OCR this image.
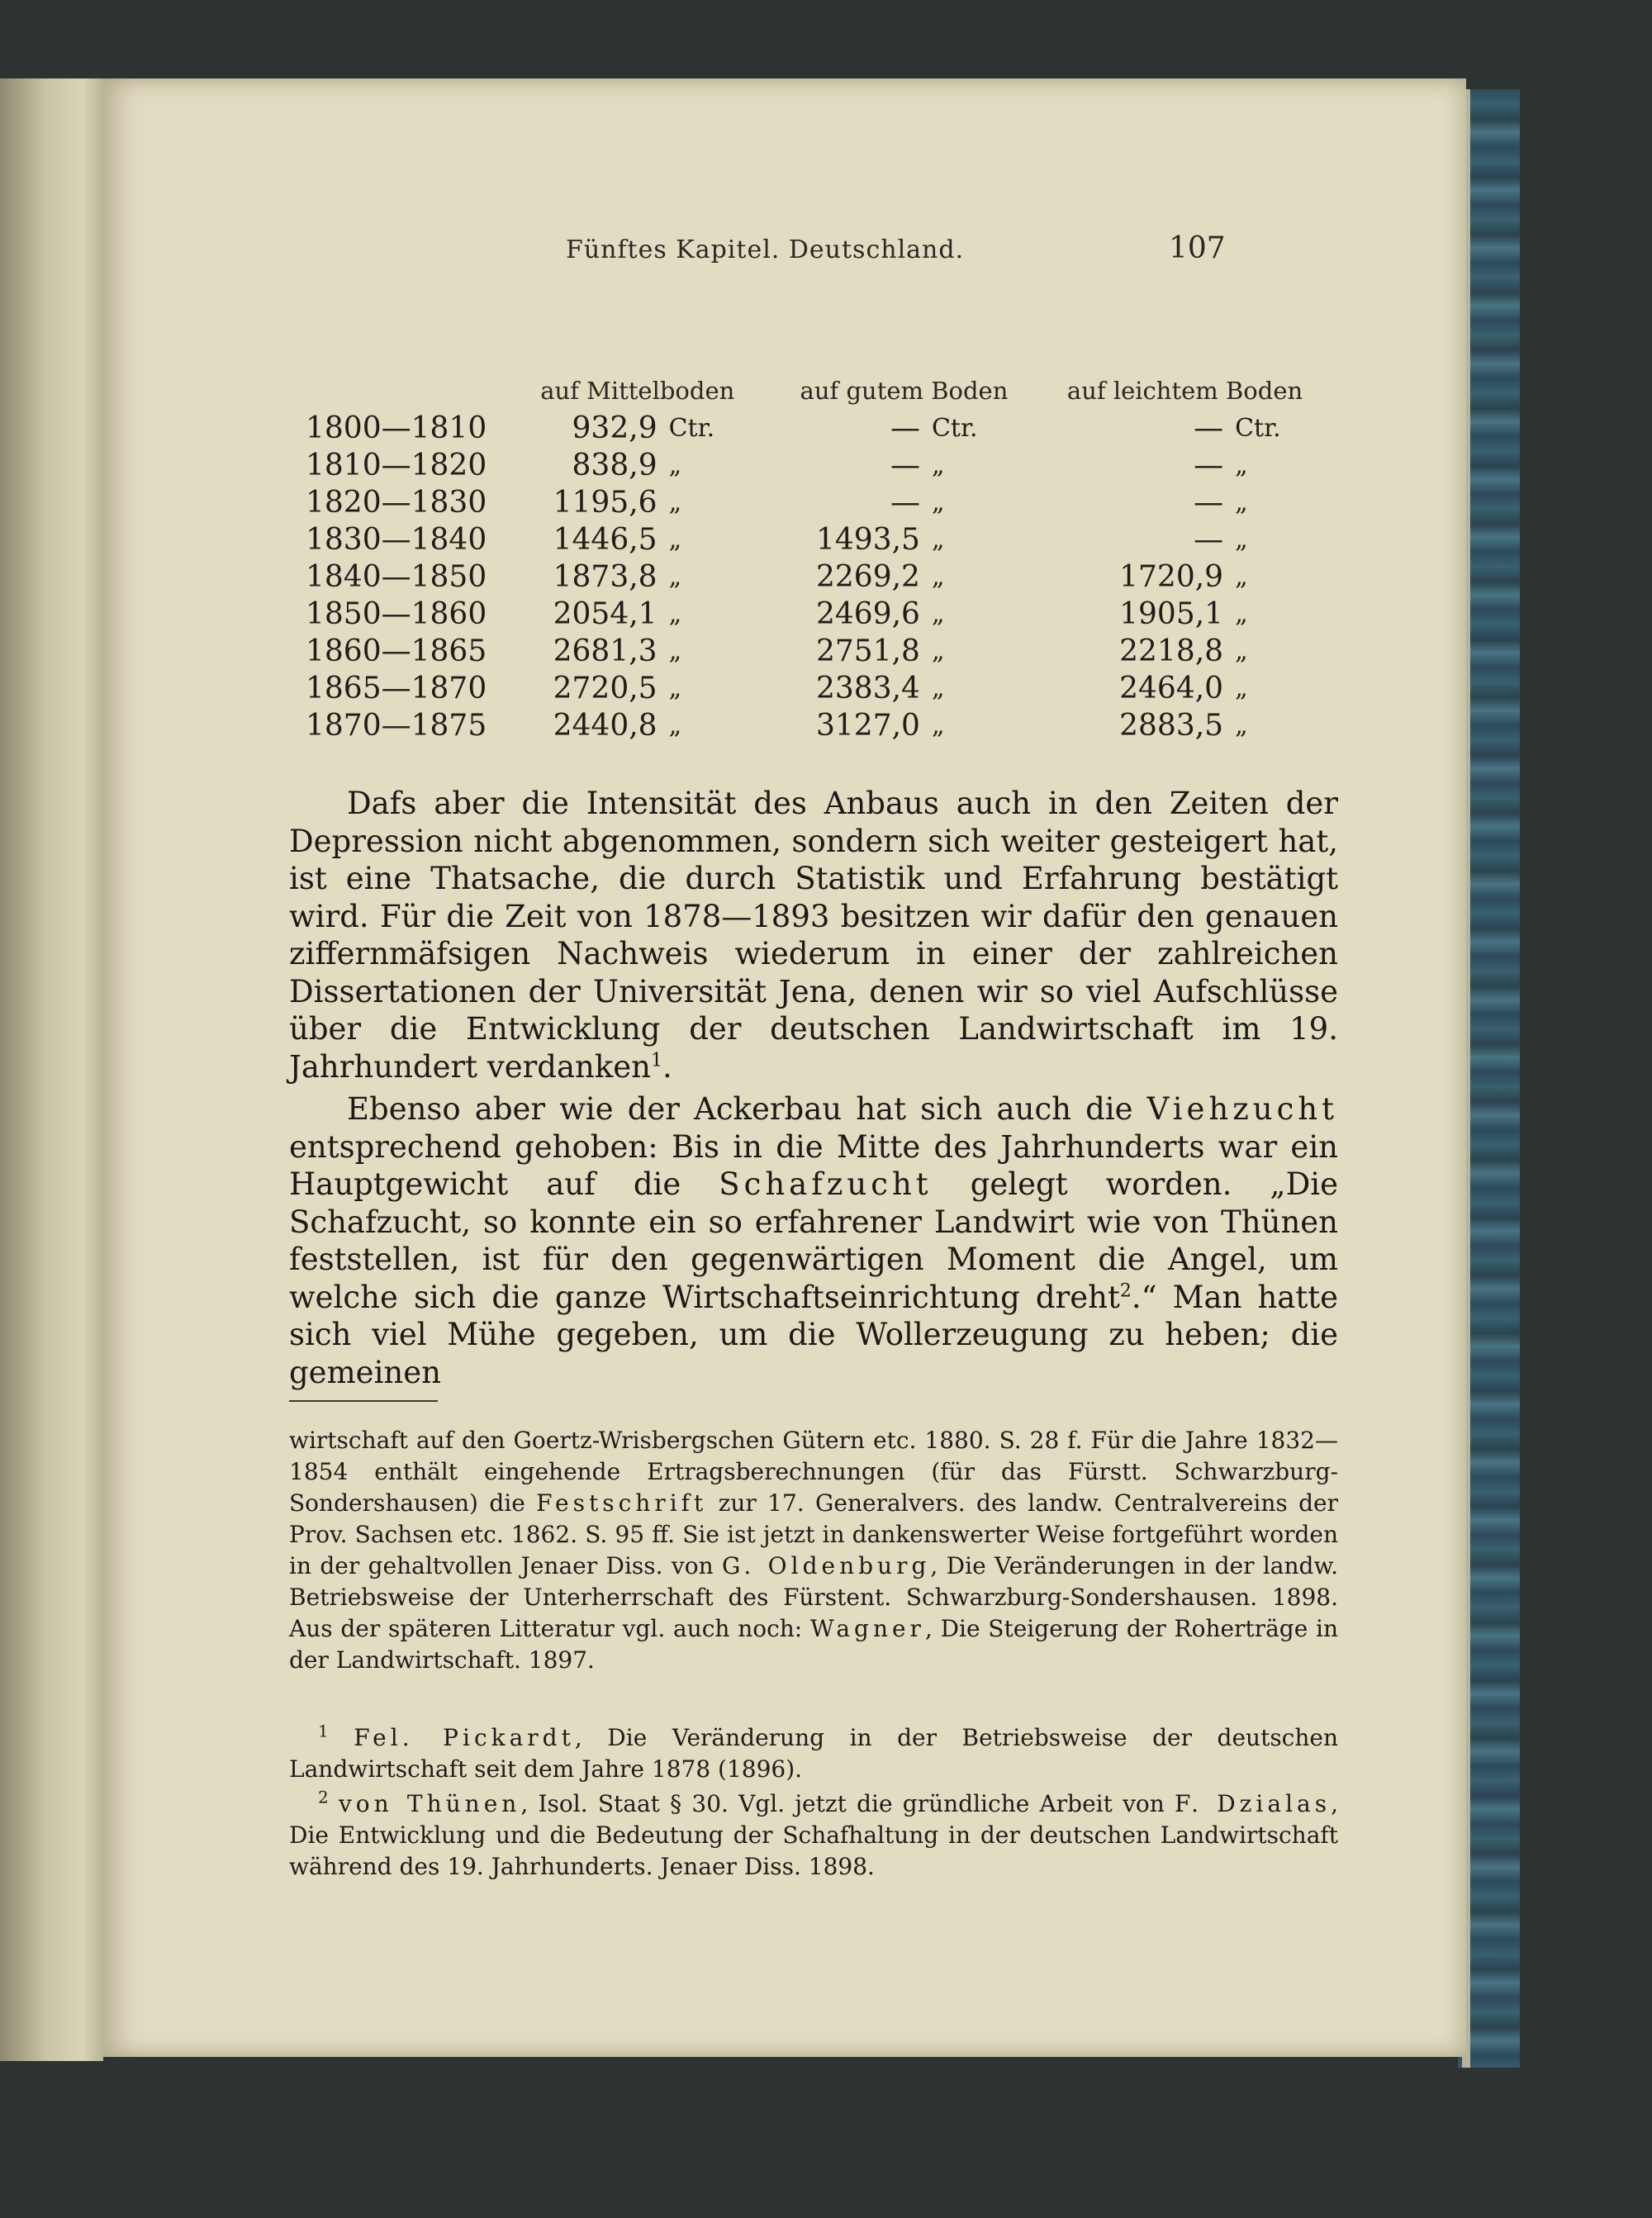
Fünftes Kapitel. Deutschland.	107
	auf Mittelboden		auf gutem Boden		auf leichtem Boden	
1800—1810	932,9	Ctr.	—	Ctr.	—	Ctr.
1810—1820	838,9	„	—	„	—	„
1820—1830	1195,6	„	—	„	—	„
1830—1840	1446,5	„	1493,5	„	—	„
1840—1850	1873,8	„	2269,2	„	1720,9	„
1850—1860	2054,1	„	2469,6	„	1905,1	„
1860—1865	2681,3	„	2751,8	„	2218,8	„
1865—1870	2720,5	„	2383,4	„	2464,0	„
1870—1875	2440,8	„	3127,0	„	2883,5	„

Dafs aber die Intensität des Anbaus auch in den Zeiten der Depression nicht abgenommen, sondern sich weiter gesteigert hat, ist eine Thatsache, die durch Statistik und Erfahrung bestätigt wird. Für die Zeit von 1878—1893 besitzen wir dafür den genauen ziffernmäfsigen Nachweis wiederum in einer der zahlreichen Dissertationen der Universität Jena, denen wir so viel Aufschlüsse über die Entwicklung der deutschen Landwirtschaft im 19. Jahrhundert verdanken$^1$.

Ebenso aber wie der Ackerbau hat sich auch die Viehzucht entsprechend gehoben: Bis in die Mitte des Jahrhunderts war ein Hauptgewicht auf die Schafzucht gelegt worden. „Die Schafzucht, so konnte ein so erfahrener Landwirt wie von Thünen feststellen, ist für den gegenwärtigen Moment die Angel, um welche sich die ganze Wirtschaftseinrichtung dreht$^2$.“ Man hatte sich viel Mühe gegeben, um die Wollerzeugung zu heben; die gemeinen

wirtschaft auf den Goertz-Wrisbergschen Gütern etc. 1880. S. 28 f. Für die Jahre 1832—1854 enthält eingehende Ertragsberechnungen (für das Fürstt. Schwarzburg-Sondershausen) die Festschrift zur 17. Generalvers. des landw. Centralvereins der Prov. Sachsen etc. 1862. S. 95 ff. Sie ist jetzt in dankenswerter Weise fortgeführt worden in der gehaltvollen Jenaer Diss. von G. Oldenburg, Die Veränderungen in der landw. Betriebsweise der Unterherrschaft des Fürstent. Schwarzburg-Sondershausen. 1898. Aus der späteren Litteratur vgl. auch noch: Wagner, Die Steigerung der Roherträge in der Landwirtschaft. 1897.

$^1$ Fel. Pickardt, Die Veränderung in der Betriebsweise der deutschen Landwirtschaft seit dem Jahre 1878 (1896).

$^2$ von Thünen, Isol. Staat § 30. Vgl. jetzt die gründliche Arbeit von F. Dzialas, Die Entwicklung und die Bedeutung der Schafhaltung in der deutschen Landwirtschaft während des 19. Jahrhunderts. Jenaer Diss. 1898.
